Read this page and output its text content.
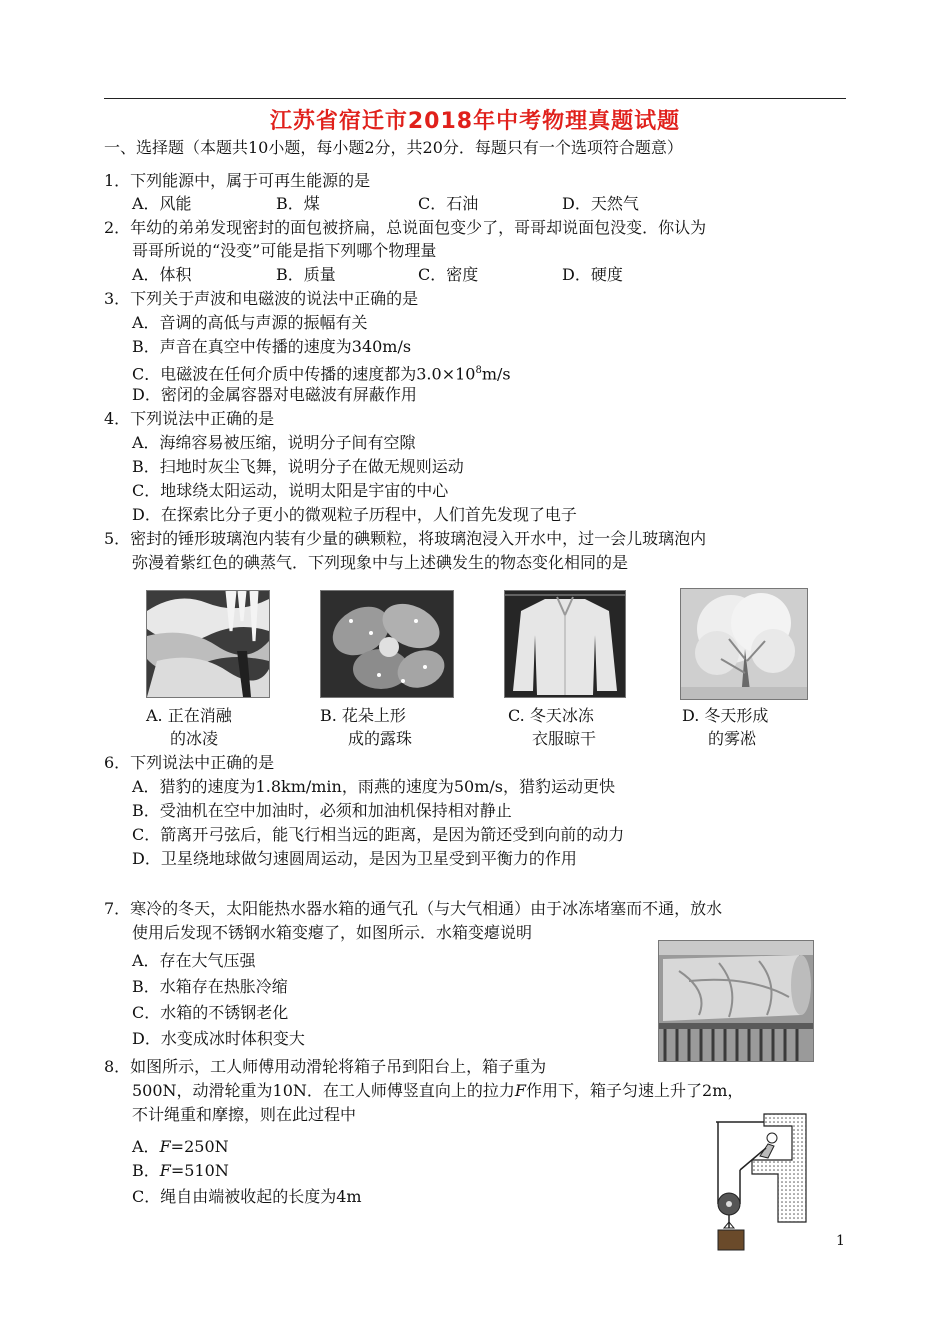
江苏省宿迁市2018年中考物理真题试题
一、选择题（本题共10小题，每小题2分，共20分．每题只有一个选项符合题意）
1．下列能源中，属于可再生能源的是
A．风能	B．煤	C．石油	D．天然气
2．年幼的弟弟发现密封的面包被挤扁，总说面包变少了，哥哥却说面包没变．你认为
哥哥所说的“没变”可能是指下列哪个物理量
A．体积	B．质量	C．密度	D．硬度
3．下列关于声波和电磁波的说法中正确的是
A．音调的高低与声源的振幅有关
B．声音在真空中传播的速度为340m/s
C．电磁波在任何介质中传播的速度都为$3.0\times 10^8m/s$
D．密闭的金属容器对电磁波有屏蔽作用
4．下列说法中正确的是
A．海绵容易被压缩，说明分子间有空隙
B．扫地时灰尘飞舞，说明分子在做无规则运动
C．地球绕太阳运动，说明太阳是宇宙的中心
D．在探索比分子更小的微观粒子历程中，人们首先发现了电子
5．密封的锤形玻璃泡内装有少量的碘颗粒，将玻璃泡浸入开水中，过一会儿玻璃泡内
弥漫着紫红色的碘蒸气．下列现象中与上述碘发生的物态变化相同的是
A. 正在消融
的冰凌
B. 花朵上形
成的露珠
C. 冬天冰冻
衣服晾干
D. 冬天形成
的雾凇
6．下列说法中正确的是
A．猎豹的速度为1.8km/min，雨燕的速度为50m/s，猎豹运动更快
B．受油机在空中加油时，必须和加油机保持相对静止
C．箭离开弓弦后，能飞行相当远的距离，是因为箭还受到向前的动力
D．卫星绕地球做匀速圆周运动，是因为卫星受到平衡力的作用
7．寒冷的冬天，太阳能热水器水箱的通气孔（与大气相通）由于冰冻堵塞而不通，放水
使用后发现不锈钢水箱变瘪了，如图所示．水箱变瘪说明
A．存在大气压强
B．水箱存在热胀冷缩
C．水箱的不锈钢老化
D．水变成冰时体积变大
8．如图所示，工人师傅用动滑轮将箱子吊到阳台上，箱子重为
500N，动滑轮重为10N．在工人师傅竖直向上的拉力F作用下，箱子匀速上升了2m，
不计绳重和摩擦，则在此过程中
A．F=250N
B．F=510N
C．绳自由端被收起的长度为4m
1
